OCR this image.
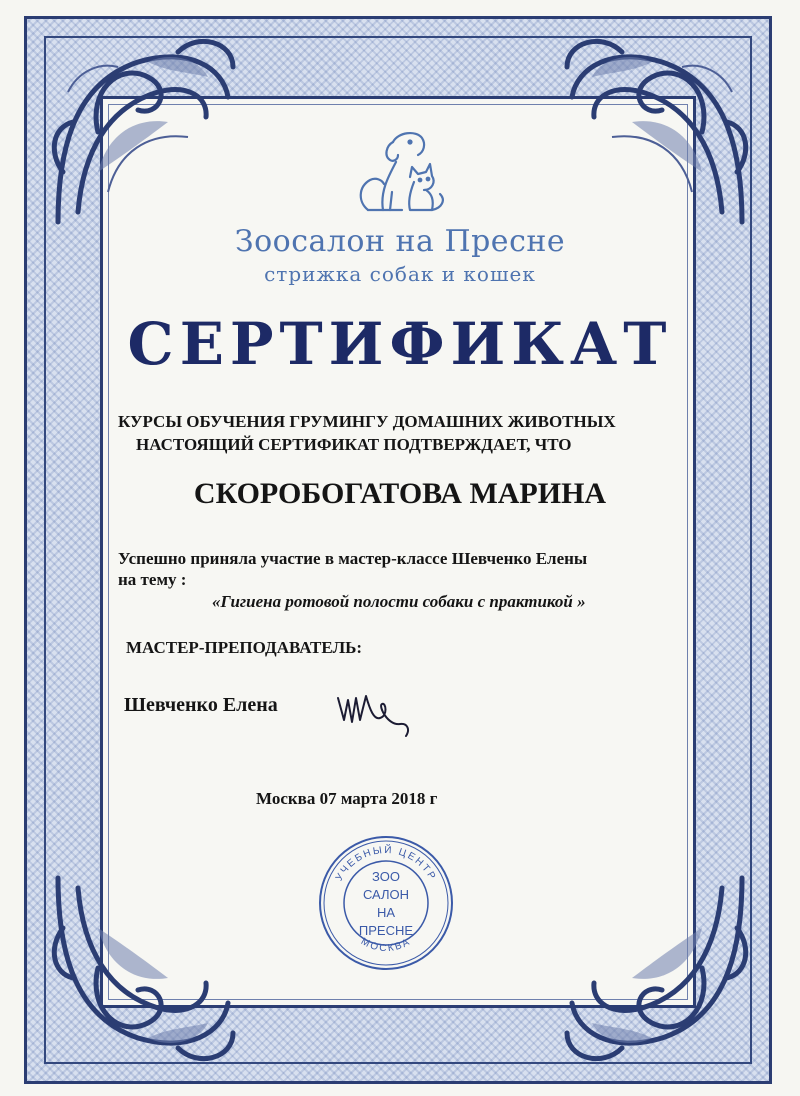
Зоосалон на Пресне
стрижка собак и кошек
СЕРТИФИКАТ
КУРСЫ ОБУЧЕНИЯ ГРУМИНГУ ДОМАШНИХ ЖИВОТНЫХ
НАСТОЯЩИЙ СЕРТИФИКАТ ПОДТВЕРЖДАЕТ, ЧТО
СКОРОБОГАТОВА МАРИНА
Успешно приняла участие в мастер-классе Шевченко Елены
на тему :
«Гигиена ротовой полости собаки с практикой »
МАСТЕР-ПРЕПОДАВАТЕЛЬ:
Шевченко Елена
Москва 07 марта 2018 г
УЧЕБНЫЙ ЦЕНТР
МОСКВА
ЗОО
САЛОН
НА
ПРЕСНЕ
